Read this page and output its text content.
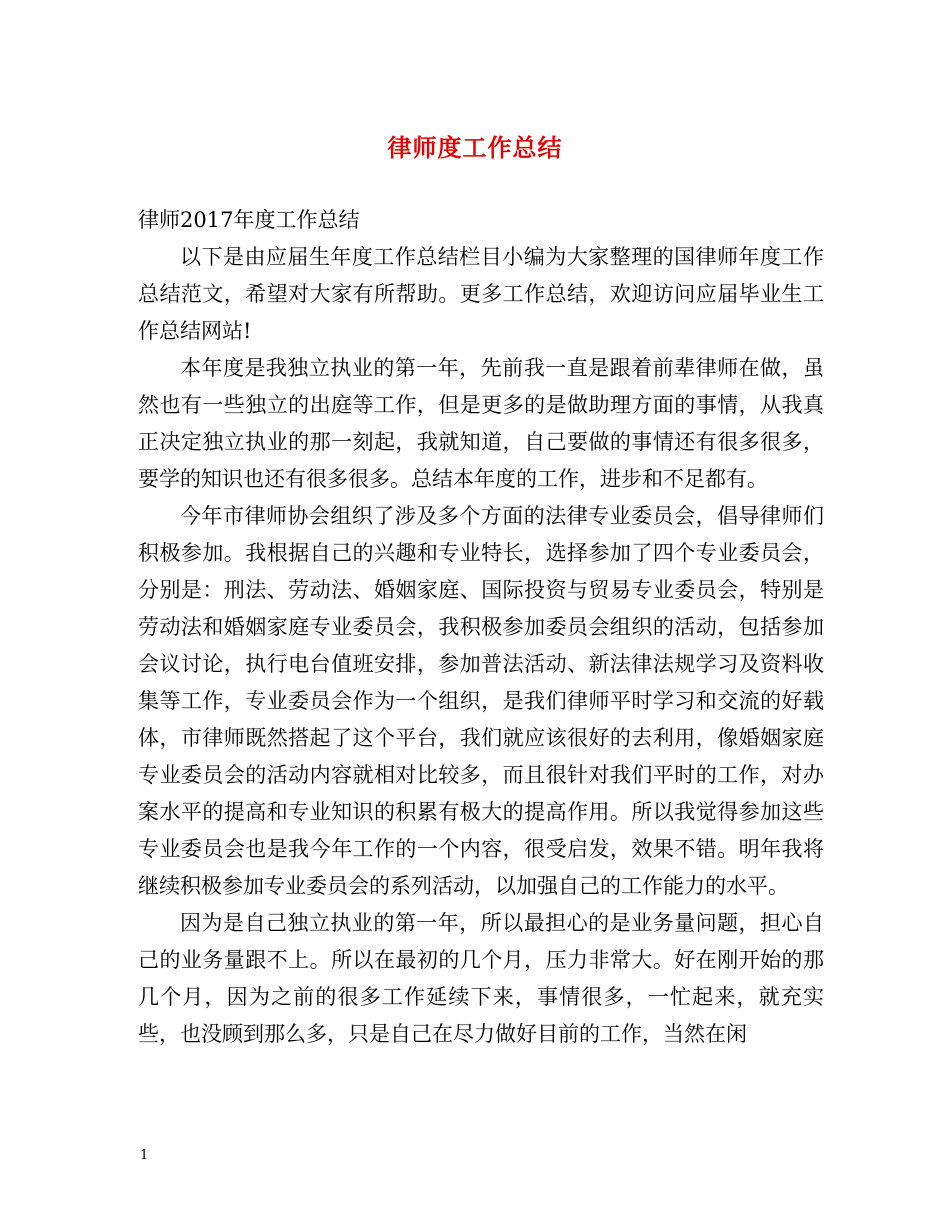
律师度工作总结

律师2017年度工作总结

以下是由应届生年度工作总结栏目小编为大家整理的国律师年度工作总结范文，希望对大家有所帮助。更多工作总结，欢迎访问应届毕业生工作总结网站!

本年度是我独立执业的第一年，先前我一直是跟着前辈律师在做，虽然也有一些独立的出庭等工作，但是更多的是做助理方面的事情，从我真正决定独立执业的那一刻起，我就知道，自己要做的事情还有很多很多，要学的知识也还有很多很多。总结本年度的工作，进步和不足都有。

今年市律师协会组织了涉及多个方面的法律专业委员会，倡导律师们积极参加。我根据自己的兴趣和专业特长，选择参加了四个专业委员会，分别是：刑法、劳动法、婚姻家庭、国际投资与贸易专业委员会，特别是劳动法和婚姻家庭专业委员会，我积极参加委员会组织的活动，包括参加会议讨论，执行电台值班安排，参加普法活动、新法律法规学习及资料收集等工作，专业委员会作为一个组织，是我们律师平时学习和交流的好载体，市律师既然搭起了这个平台，我们就应该很好的去利用，像婚姻家庭专业委员会的活动内容就相对比较多，而且很针对我们平时的工作，对办案水平的提高和专业知识的积累有极大的提高作用。所以我觉得参加这些专业委员会也是我今年工作的一个内容，很受启发，效果不错。明年我将继续积极参加专业委员会的系列活动，以加强自己的工作能力的水平。

因为是自己独立执业的第一年，所以最担心的是业务量问题，担心自己的业务量跟不上。所以在最初的几个月，压力非常大。好在刚开始的那几个月，因为之前的很多工作延续下来，事情很多，一忙起来，就充实些，也没顾到那么多，只是自己在尽力做好目前的工作，当然在闲

1
